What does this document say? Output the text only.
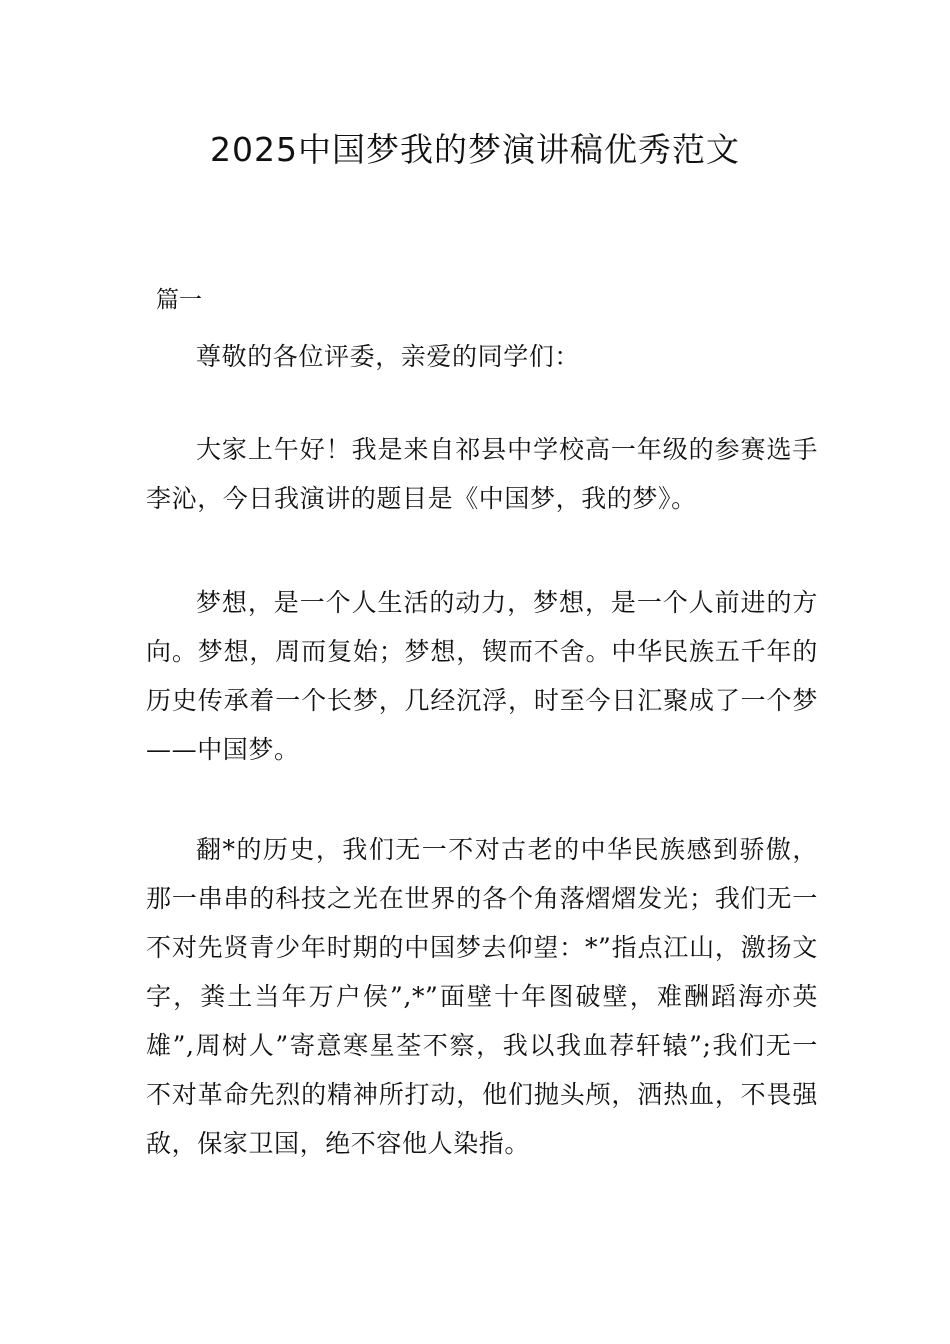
2025中国梦我的梦演讲稿优秀范文
篇一

尊敬的各位评委，亲爱的同学们：

大家上午好！我是来自祁县中学校高一年级的参赛选手李沁，今日我演讲的题目是《中国梦，我的梦》。

梦想，是一个人生活的动力，梦想，是一个人前进的方向。梦想，周而复始；梦想，锲而不舍。中华民族五千年的历史传承着一个长梦，几经沉浮，时至今日汇聚成了一个梦——中国梦。

翻*的历史，我们无一不对古老的中华民族感到骄傲，那一串串的科技之光在世界的各个角落熠熠发光；我们无一不对先贤青少年时期的中国梦去仰望：*”指点江山，激扬文字，粪土当年万户侯”,*”面壁十年图破壁，难酬蹈海亦英雄”,周树人”寄意寒星荃不察，我以我血荐轩辕”;我们无一不对革命先烈的精神所打动，他们抛头颅，洒热血，不畏强敌，保家卫国，绝不容他人染指。
